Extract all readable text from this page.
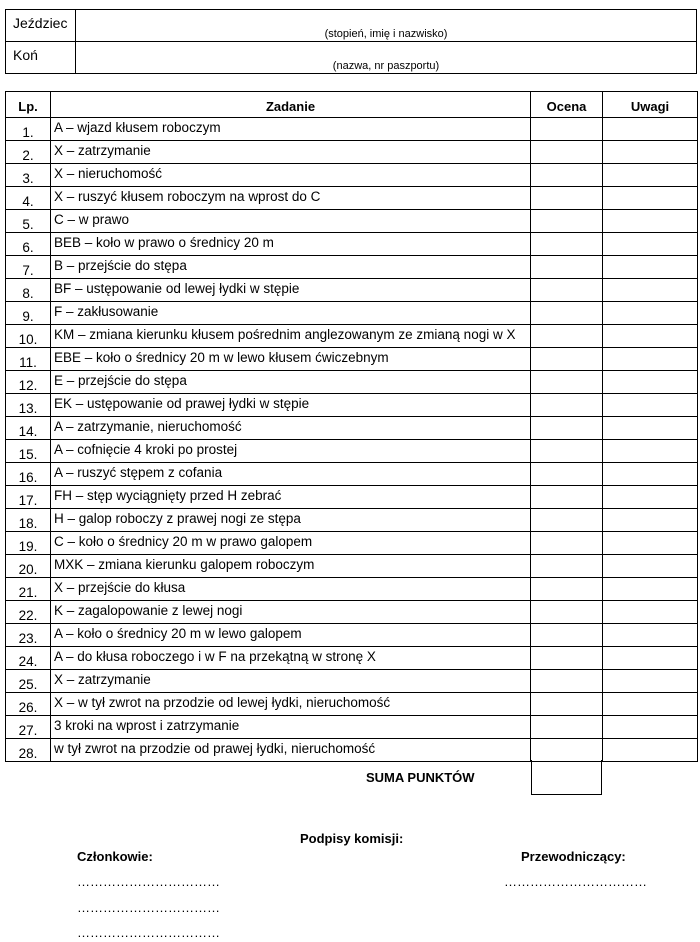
Jeździec	(stopień, imię i nazwisko)

Koń	(nazwa, nr paszportu)
Lp.	Zadanie	Ocena	Uwagi
1.	A – wjazd kłusem roboczym		
2.	X – zatrzymanie		
3.	X – nieruchomość		
4.	X – ruszyć kłusem roboczym na wprost do C		
5.	C – w prawo		
6.	BEB – koło w prawo o średnicy 20 m		
7.	B – przejście do stępa		
8.	BF – ustępowanie od lewej łydki w stępie		
9.	F – zakłusowanie		
10.	KM – zmiana kierunku kłusem pośrednim anglezowanym ze zmianą nogi w X		
11.	EBE – koło o średnicy 20 m w lewo kłusem ćwiczebnym		
12.	E – przejście do stępa		
13.	EK – ustępowanie od prawej łydki w stępie		
14.	A – zatrzymanie, nieruchomość		
15.	A – cofnięcie 4 kroki po prostej		
16.	A – ruszyć stępem z cofania		
17.	FH – stęp wyciągnięty przed H zebrać		
18.	H – galop roboczy z prawej nogi ze stępa		
19.	C – koło o średnicy 20 m w prawo galopem		
20.	MXK – zmiana kierunku galopem roboczym		
21.	X – przejście do kłusa		
22.	K – zagalopowanie z lewej nogi		
23.	A – koło o średnicy 20 m w lewo galopem		
24.	A – do kłusa roboczego i w F na przekątną w stronę X		
25.	X – zatrzymanie		
26.	X – w tył zwrot na przodzie od lewej łydki, nieruchomość		
27.	3 kroki na wprost i zatrzymanie		
28.	w tył zwrot na przodzie od prawej łydki, nieruchomość		
SUMA PUNKTÓW
Podpisy komisji:
Członkowie:	Przewodniczący:
……………………………
……………………………
……………………………
……………………………
